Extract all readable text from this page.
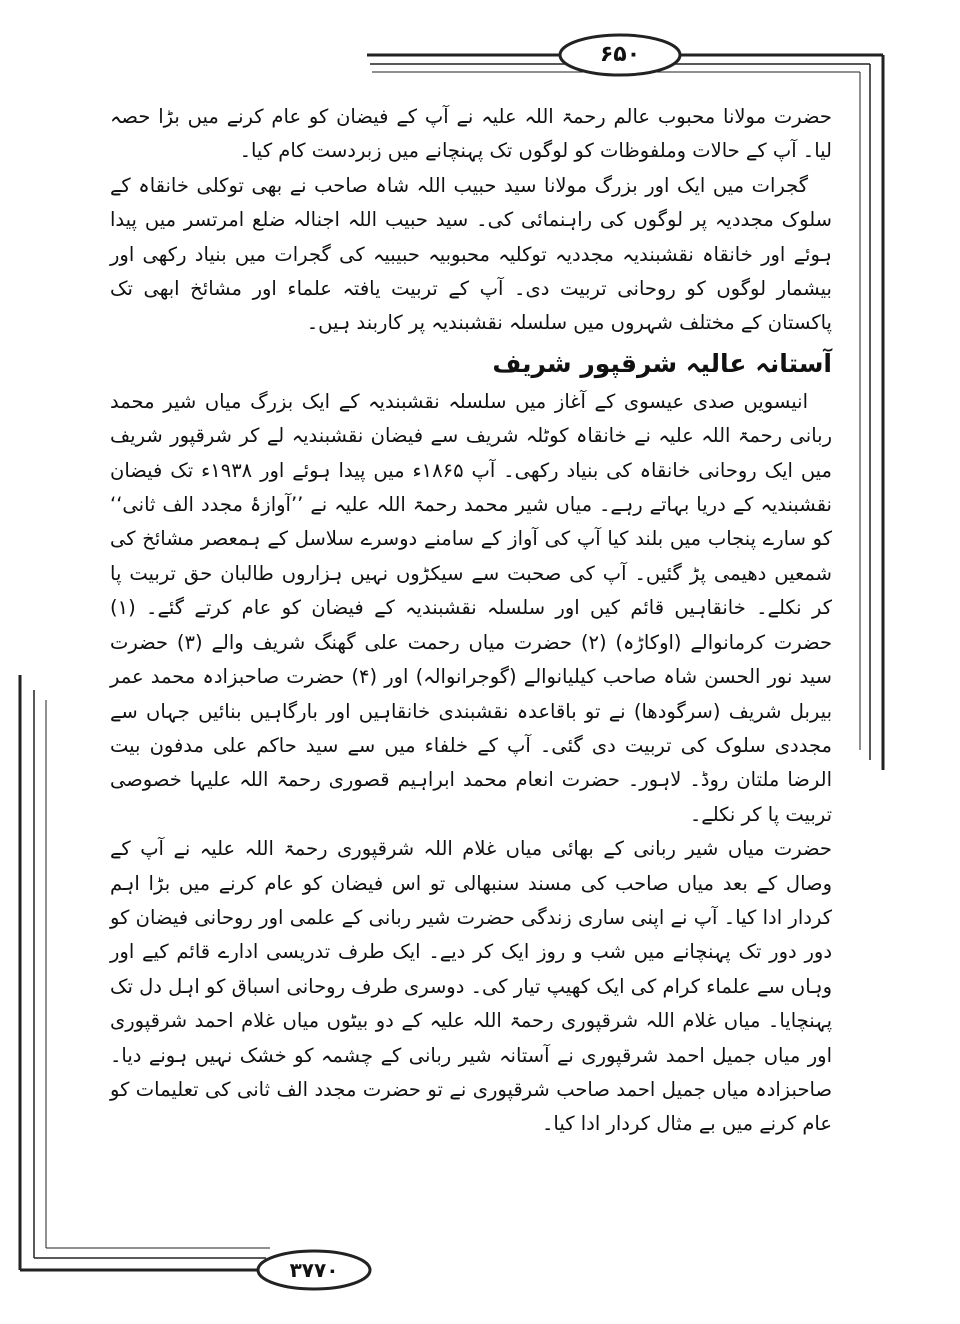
۶۵۰
۳۷۷۰

حضرت مولانا محبوب عالم رحمۃ اللہ علیہ نے آپ کے فیضان کو عام کرنے میں بڑا حصہ لیا۔ آپ کے حالات وملفوظات کو لوگوں تک پہنچانے میں زبردست کام کیا۔

گجرات میں ایک اور بزرگ مولانا سید حبیب اللہ شاہ صاحب نے بھی توکلی خانقاہ کے سلوک مجددیہ پر لوگوں کی راہنمائی کی۔ سید حبیب اللہ اجنالہ ضلع امرتسر میں پیدا ہوئے اور خانقاہ نقشبندیہ مجددیہ توکلیہ محبوبیہ حبیبیہ کی گجرات میں بنیاد رکھی اور بیشمار لوگوں کو روحانی تربیت دی۔ آپ کے تربیت یافتہ علماء اور مشائخ ابھی تک پاکستان کے مختلف شہروں میں سلسلہ نقشبندیہ پر کاربند ہیں۔

آستانہ عالیہ شرقپور شریف

انیسویں صدی عیسوی کے آغاز میں سلسلہ نقشبندیہ کے ایک بزرگ میاں شیر محمد ربانی رحمۃ اللہ علیہ نے خانقاہ کوٹلہ شریف سے فیضان نقشبندیہ لے کر شرقپور شریف میں ایک روحانی خانقاہ کی بنیاد رکھی۔ آپ ۱۸۶۵ء میں پیدا ہوئے اور ۱۹۳۸ء تک فیضان نقشبندیہ کے دریا بہاتے رہے۔ میاں شیر محمد رحمۃ اللہ علیہ نے ’’آوازۂ مجدد الف ثانی‘‘ کو سارے پنجاب میں بلند کیا آپ کی آواز کے سامنے دوسرے سلاسل کے ہمعصر مشائخ کی شمعیں دھیمی پڑ گئیں۔ آپ کی صحبت سے سیکڑوں نہیں ہزاروں طالبان حق تربیت پا کر نکلے۔ خانقاہیں قائم کیں اور سلسلہ نقشبندیہ کے فیضان کو عام کرتے گئے۔ (۱) حضرت کرمانوالے (اوکاڑہ) (۲) حضرت میاں رحمت علی گھنگ شریف والے (۳) حضرت سید نور الحسن شاہ صاحب کیلیانوالے (گوجرانوالہ) اور (۴) حضرت صاحبزادہ محمد عمر بیربل شریف (سرگودھا) نے تو باقاعدہ نقشبندی خانقاہیں اور بارگاہیں بنائیں جہاں سے مجددی سلوک کی تربیت دی گئی۔ آپ کے خلفاء میں سے سید حاکم علی مدفون بیت الرضا ملتان روڈ۔ لاہور۔ حضرت انعام محمد ابراہیم قصوری رحمۃ اللہ علیہا خصوصی تربیت پا کر نکلے۔

حضرت میاں شیر ربانی کے بھائی میاں غلام اللہ شرقپوری رحمۃ اللہ علیہ نے آپ کے وصال کے بعد میاں صاحب کی مسند سنبھالی تو اس فیضان کو عام کرنے میں بڑا اہم کردار ادا کیا۔ آپ نے اپنی ساری زندگی حضرت شیر ربانی کے علمی اور روحانی فیضان کو دور دور تک پہنچانے میں شب و روز ایک کر دیے۔ ایک طرف تدریسی ادارے قائم کیے اور وہاں سے علماء کرام کی ایک کھیپ تیار کی۔ دوسری طرف روحانی اسباق کو اہل دل تک پہنچایا۔ میاں غلام اللہ شرقپوری رحمۃ اللہ علیہ کے دو بیٹوں میاں غلام احمد شرقپوری اور میاں جمیل احمد شرقپوری نے آستانہ شیر ربانی کے چشمہ کو خشک نہیں ہونے دیا۔ صاحبزادہ میاں جمیل احمد صاحب شرقپوری نے تو حضرت مجدد الف ثانی کی تعلیمات کو عام کرنے میں بے مثال کردار ادا کیا۔
